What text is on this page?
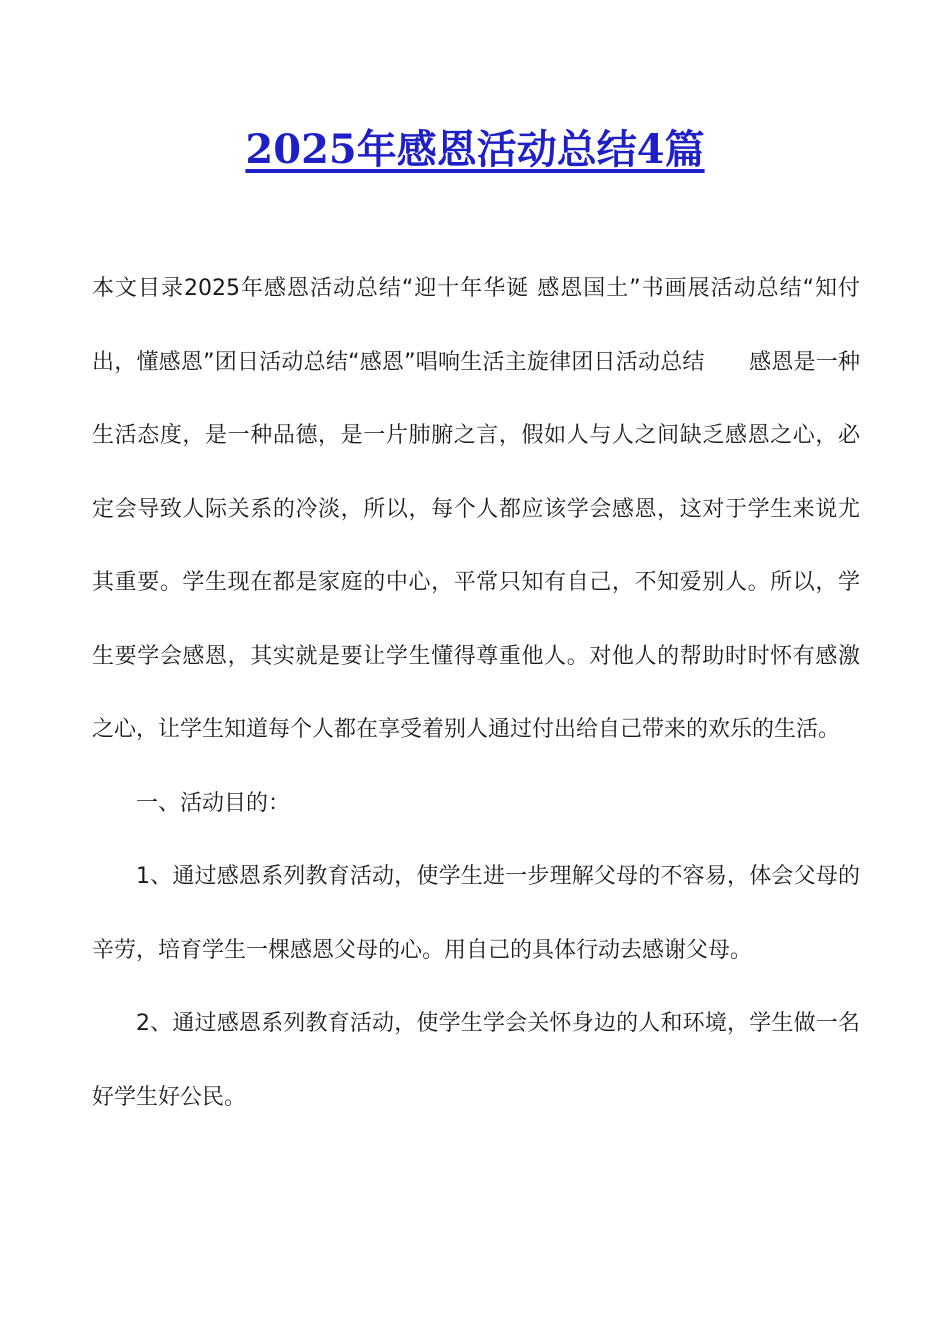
2025年感恩活动总结4篇

本文目录2025年感恩活动总结“迎十年华诞 感恩国土”书画展活动总结“知付出，懂感恩”团日活动总结“感恩”唱响生活主旋律团日活动总结　　感恩是一种生活态度，是一种品德，是一片肺腑之言，假如人与人之间缺乏感恩之心，必定会导致人际关系的冷淡，所以，每个人都应该学会感恩，这对于学生来说尤其重要。学生现在都是家庭的中心，平常只知有自己，不知爱别人。所以，学生要学会感恩，其实就是要让学生懂得尊重他人。对他人的帮助时时怀有感激之心，让学生知道每个人都在享受着别人通过付出给自己带来的欢乐的生活。

一、活动目的：

1、通过感恩系列教育活动，使学生进一步理解父母的不容易，体会父母的辛劳，培育学生一棵感恩父母的心。用自己的具体行动去感谢父母。

2、通过感恩系列教育活动，使学生学会关怀身边的人和环境，学生做一名好学生好公民。
